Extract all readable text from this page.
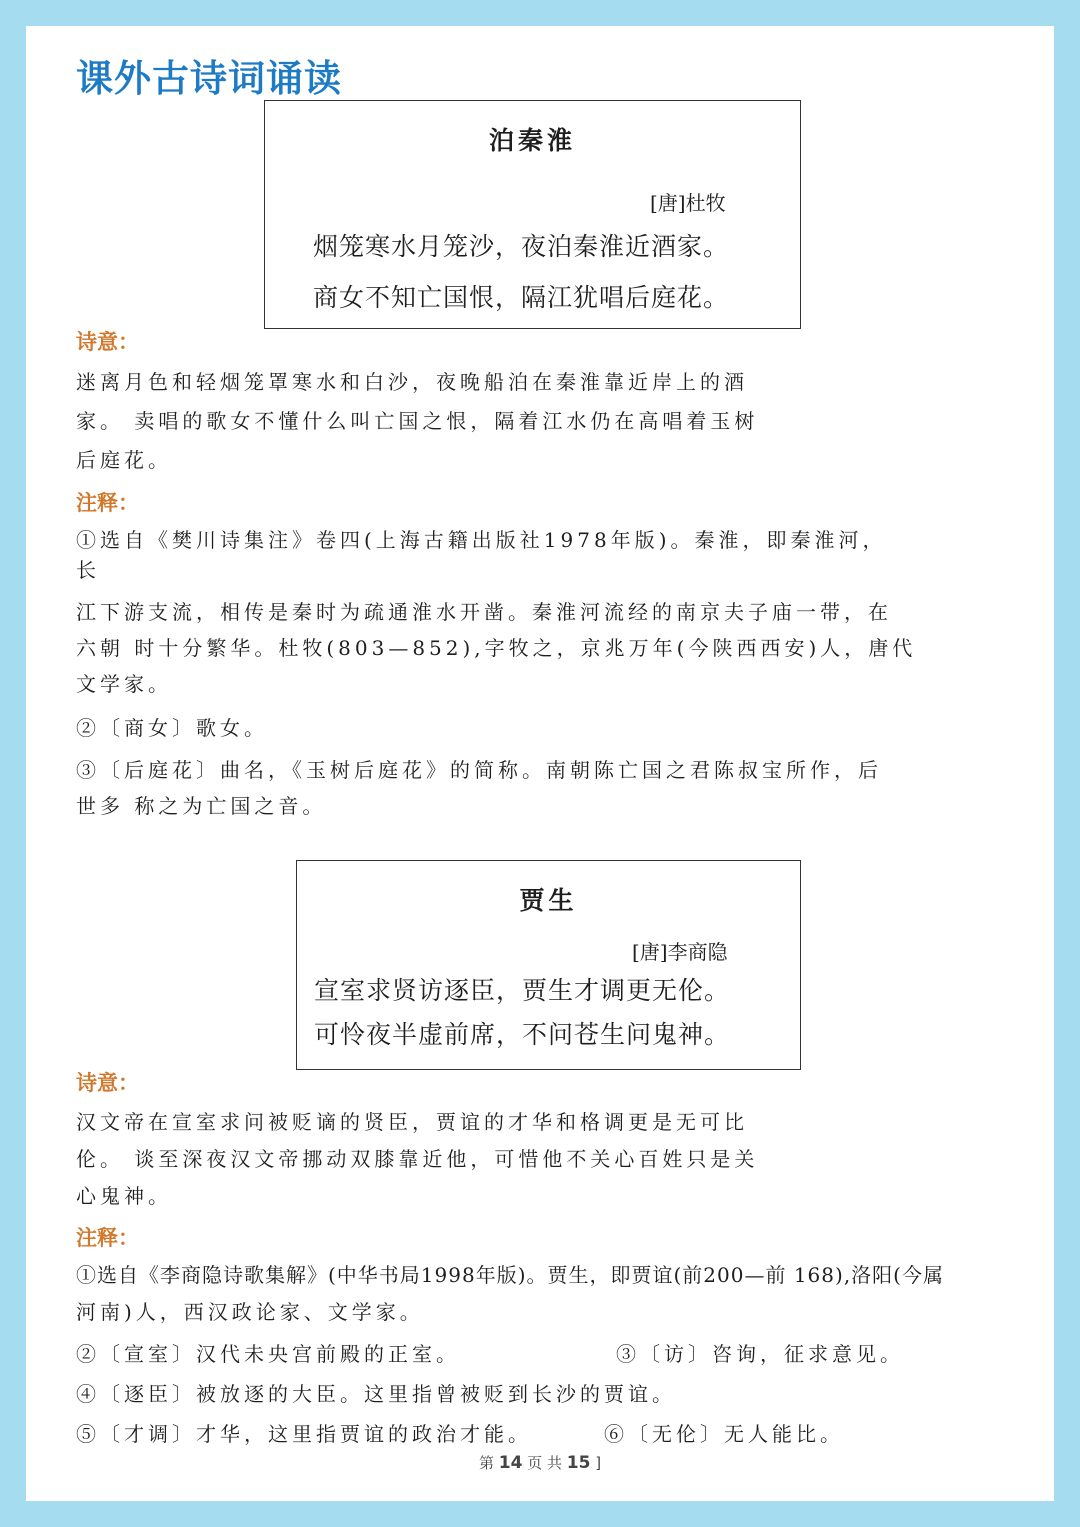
课外古诗词诵读
泊秦淮
[唐]杜牧
烟笼寒水月笼沙，夜泊秦淮近酒家。
商女不知亡国恨，隔江犹唱后庭花。
诗意：
迷离月色和轻烟笼罩寒水和白沙，夜晚船泊在秦淮靠近岸上的酒
家。 卖唱的歌女不懂什么叫亡国之恨，隔着江水仍在高唱着玉树
后庭花。
注释：
①选自《樊川诗集注》卷四(上海古籍出版社1978年版)。秦淮，即秦淮河，
长
江下游支流，相传是秦时为疏通淮水开凿。秦淮河流经的南京夫子庙一带，在
六朝 时十分繁华。杜牧(803—852),字牧之，京兆万年(今陕西西安)人，唐代
文学家。
②〔商女〕歌女。
③〔后庭花〕曲名，《玉树后庭花》的简称。南朝陈亡国之君陈叔宝所作，后
世多 称之为亡国之音。
贾生
[唐]李商隐
宣室求贤访逐臣，贾生才调更无伦。
可怜夜半虚前席，不问苍生问鬼神。
诗意：
汉文帝在宣室求问被贬谪的贤臣，贾谊的才华和格调更是无可比
伦。 谈至深夜汉文帝挪动双膝靠近他，可惜他不关心百姓只是关
心鬼神。
注释：
①选自《李商隐诗歌集解》(中华书局1998年版)。贾生，即贾谊(前200—前 168),洛阳(今属
河南)人，西汉政论家、文学家。
②〔宣室〕汉代未央宫前殿的正室。	③〔访〕咨询，征求意见。
④〔逐臣〕被放逐的大臣。这里指曾被贬到长沙的贾谊。
⑤〔才调〕才华，这里指贾谊的政治才能。	⑥〔无伦〕无人能比。
第 14 页 共 15 ]
